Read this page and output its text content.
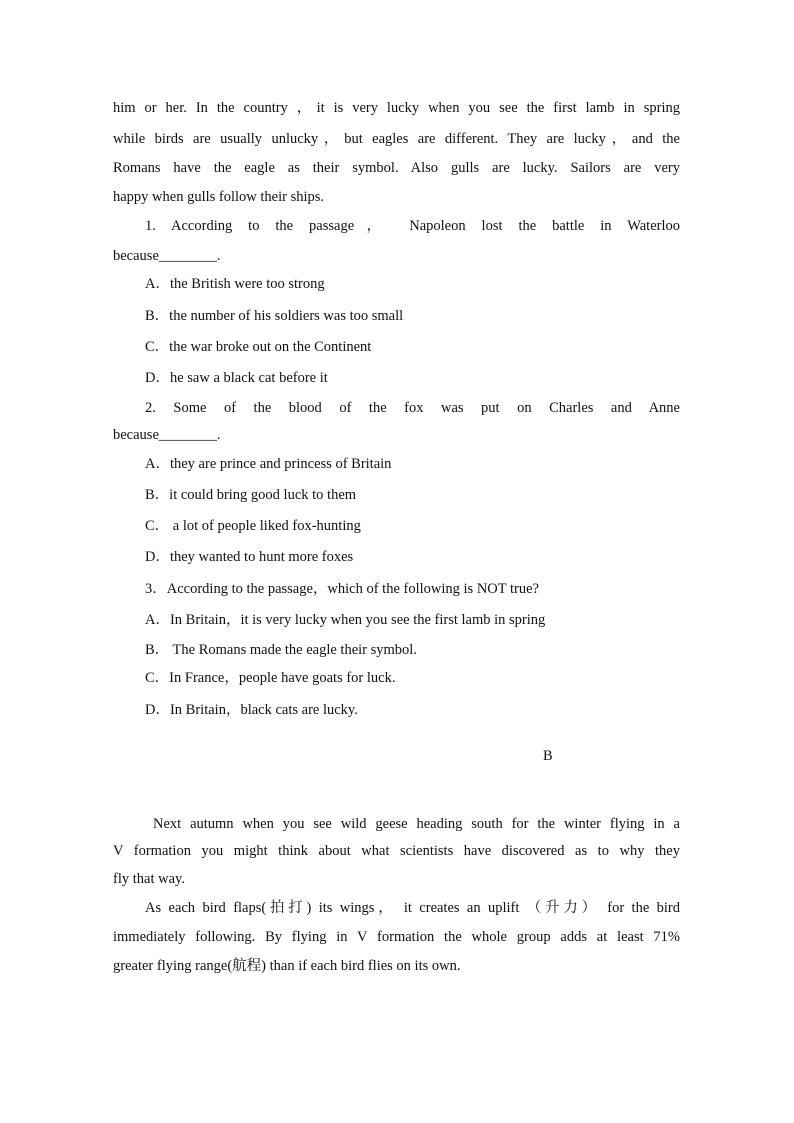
him or her. In the country ，it is very lucky when you see the first lamb in spring
while birds are usually unlucky，but eagles are different. They are lucky，and the
Romans have the eagle as their symbol. Also gulls are lucky. Sailors are very
happy when gulls follow their ships.
1. According to the passage， Napoleon lost the battle in Waterloo
because________.
A．the British were too strong
B．the number of his soldiers was too small
C．the war broke out on the Continent
D．he saw a black cat before it
2. Some of the blood of the fox was put on Charles and Anne
because________.
A．they are prince and princess of Britain
B．it could bring good luck to them
C． a lot of people liked fox-hunting
D．they wanted to hunt more foxes
3．According to the passage，which of the following is NOT true?
A．In Britain，it is very lucky when you see the first lamb in spring
B． The Romans made the eagle their symbol.
C．In France，people have goats for luck.
D．In Britain，black cats are lucky.
B
Next autumn when you see wild geese heading south for the winter flying in a
V formation you might think about what scientists have discovered as to why they
fly that way.
As each bird flaps(拍打) its wings， it creates an uplift （升力） for the bird
immediately following. By flying in V formation the whole group adds at least 71%
greater flying range(航程) than if each bird flies on its own.
